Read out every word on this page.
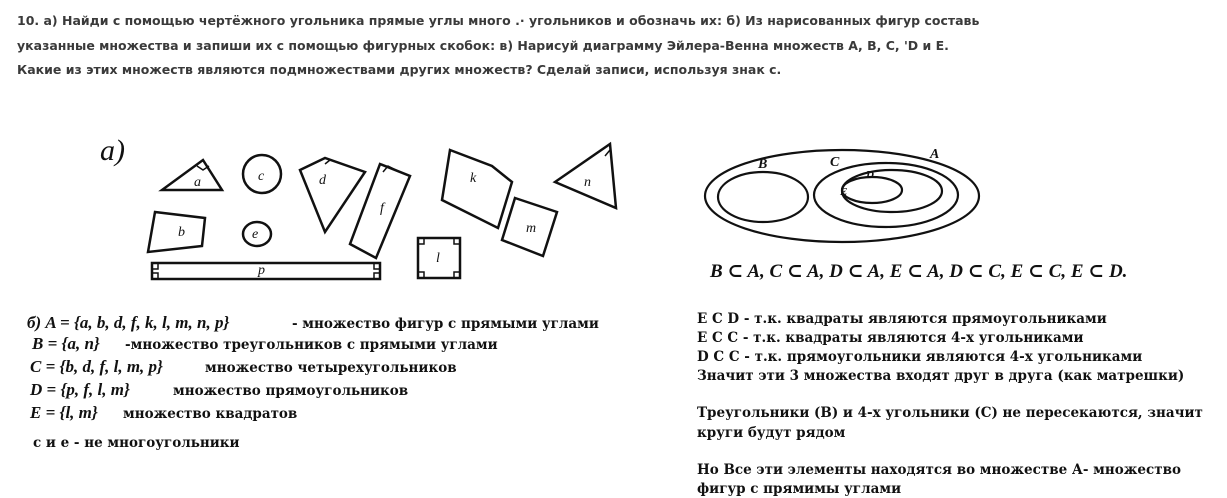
10. а) Найди с помощью чертёжного угольника прямые углы много .· угольников и обозначь их: б) Из нарисованных фигур составь
указанные множества и запиши их с помощью фигурных скобок: в) Нарисуй диаграмму Эйлера-Венна множеств А, В, С, 'D и Е.
Какие из этих множеств являются подмножествами других множеств? Сделай записи, используя знак с.
а)
a
b
c	d
e
f
k
l
m
n
p
B	C
A
D
E
B ⊂ A, C ⊂ A, D ⊂ A, E ⊂ A, D ⊂ C, E ⊂ C, E ⊂ D.
б) A = {a, b, d, f, k, l, m, n, p}	- множество фигур с прямыми углами
B = {a, n} -множество треугольников с прямыми углами
C = {b, d, f, l, m, p}	множество четырехугольников
D = {p, f, l, m}	множество прямоугольников
E = {l, m} множество квадратов
с и е - не многоугольники
E C D - т.к. квадраты являются прямоугольниками
E C C - т.к. квадраты являются 4-х угольниками
D C C - т.к. прямоугольники являются 4-х угольниками
Значит эти 3 множества входят друг в друга (как матрешки)
Треугольники (В) и 4-х угольники (С) не пересекаются, значит
круги будут рядом
Но Все эти элементы находятся во множестве А- множество
фигур с прямимы углами
